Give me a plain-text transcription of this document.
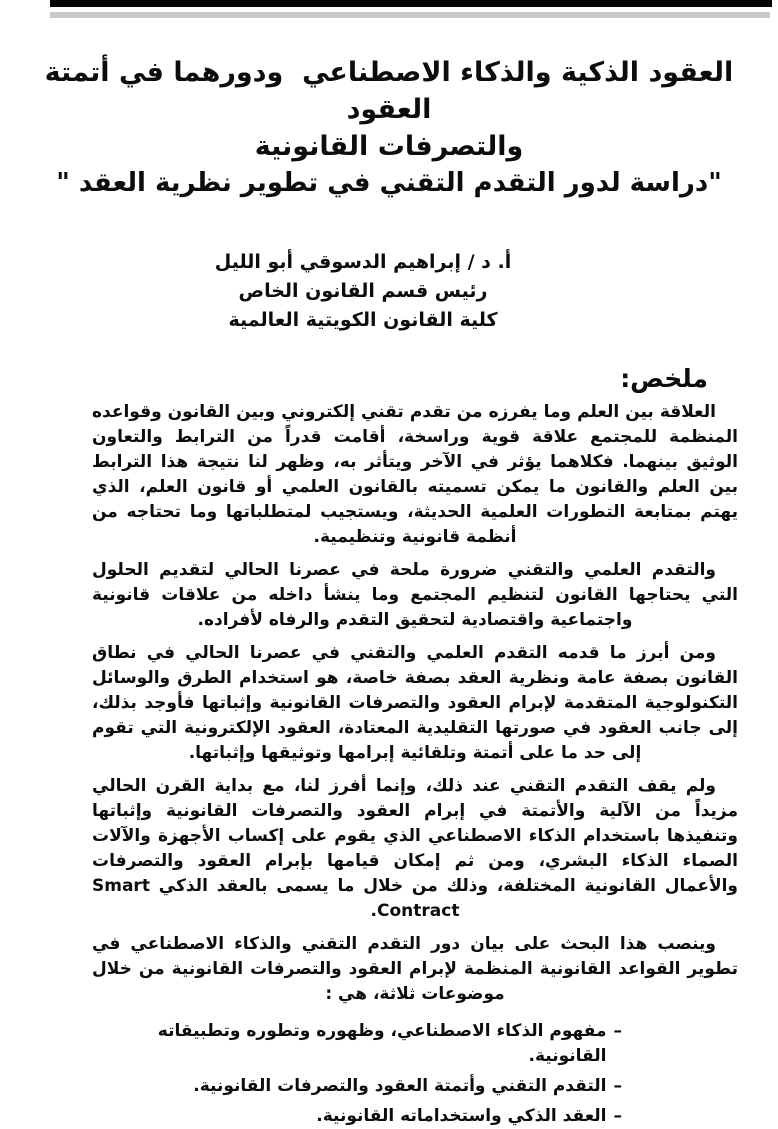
العقود الذكية والذكاء الاصطناعي  ودورهما في أتمتة العقود
والتصرفات القانونية
"دراسة لدور التقدم التقني في تطوير نظرية العقد "
أ. د / إبراهيم الدسوقي أبو الليل
رئيس قسم القانون الخاص
كلية القانون الكويتية العالمية
ملخص:

العلاقة بين العلم وما يفرزه من تقدم تقني إلكتروني وبين القانون وقواعده المنظمة للمجتمع علاقة قوية وراسخة، أقامت قدراً من الترابط والتعاون الوثيق بينهما. فكلاهما يؤثر في الآخر ويتأثر به، وظهر لنا نتيجة هذا الترابط بين العلم والقانون ما يمكن تسميته بالقانون العلمي أو قانون العلم، الذي يهتم بمتابعة التطورات العلمية الحديثة، ويستجيب لمتطلباتها وما تحتاجه من أنظمة قانونية وتنظيمية.

والتقدم العلمي والتقني ضرورة ملحة في عصرنا الحالي لتقديم الحلول التي يحتاجها القانون لتنظيم المجتمع وما ينشأ داخله من علاقات قانونية واجتماعية واقتصادية لتحقيق التقدم والرفاه لأفراده.

ومن أبرز ما قدمه التقدم العلمي والتقني في عصرنا الحالي في نطاق القانون بصفة عامة ونظرية العقد بصفة خاصة، هو استخدام الطرق والوسائل التكنولوجية المتقدمة لإبرام العقود والتصرفات القانونية وإثباتها فأوجد بذلك، إلى جانب العقود في صورتها التقليدية المعتادة، العقود الإلكترونية التي تقوم إلى حد ما على أتمتة وتلقائية إبرامها وتوثيقها وإثباتها.

ولم يقف التقدم التقني عند ذلك، وإنما أفرز لنا، مع بداية القرن الحالي مزيداً من الآلية والأتمتة في إبرام العقود والتصرفات القانونية وإثباتها وتنفيذها باستخدام الذكاء الاصطناعي الذي يقوم على إكساب الأجهزة والآلات الصماء الذكاء البشري، ومن ثم إمكان قيامها بإبرام العقود والتصرفات والأعمال القانونية المختلفة، وذلك من خلال ما يسمى بالعقد الذكي Smart Contract.

وينصب هذا البحث على بيان دور التقدم التقني والذكاء الاصطناعي في تطوير القواعد القانونية المنظمة لإبرام العقود والتصرفات القانونية من خلال موضوعات ثلاثة، هي :

–
مفهوم الذكاء الاصطناعي، وظهوره وتطوره وتطبيقاته القانونية.
–
التقدم التقني وأتمتة العقود والتصرفات القانونية.
–
العقد الذكي واستخداماته القانونية.
